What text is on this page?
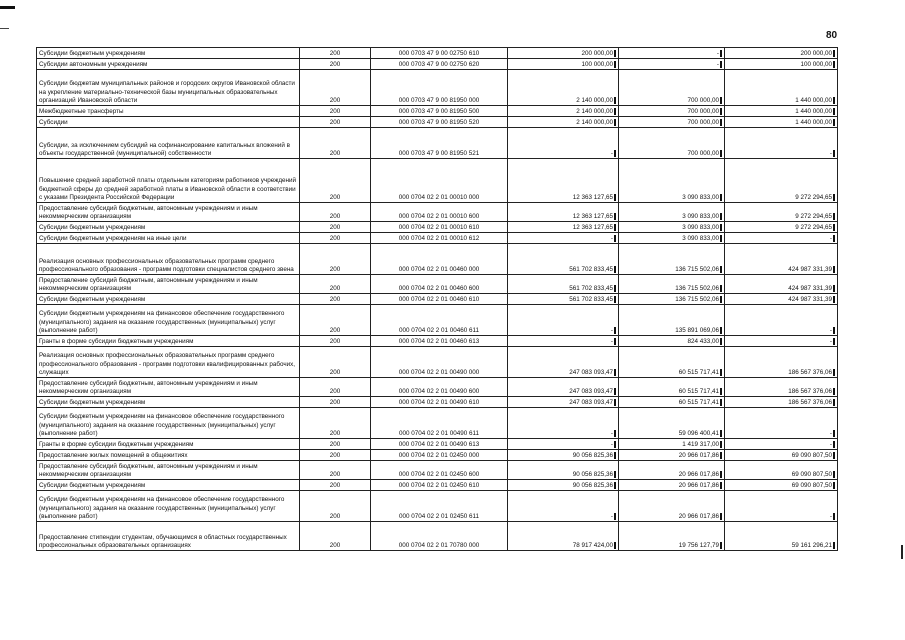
80
Субсидии бюджетным учреждениям	200	000 0703 47 9 00 02750 610	200 000,00	-	200 000,00
Субсидии автономным учреждениям	200	000 0703 47 9 00 02750 620	100 000,00	-	100 000,00
Субсидии бюджетам муниципальных районов и городских округов Ивановской области на укрепление материально-технической базы муниципальных образовательных организаций Ивановской области	200	000 0703 47 9 00 81950 000	2 140 000,00	700 000,00	1 440 000,00
Межбюджетные трансферты	200	000 0703 47 9 00 81950 500	2 140 000,00	700 000,00	1 440 000,00
Субсидии	200	000 0703 47 9 00 81950 520	2 140 000,00	700 000,00	1 440 000,00
Субсидии, за исключением субсидий на софинансирование капитальных вложений в объекты государственной (муниципальной) собственности	200	000 0703 47 9 00 81950 521	-	700 000,00	-
Повышение средней заработной платы отдельным категориям работников учреждений бюджетной сферы до средней заработной платы в Ивановской области в соответствии с указами Президента Российской Федерации	200	000 0704 02 2 01 00010 000	12 363 127,65	3 090 833,00	9 272 294,65
Предоставление субсидий бюджетным, автономным учреждениям и иным некоммерческим организациям	200	000 0704 02 2 01 00010 600	12 363 127,65	3 090 833,00	9 272 294,65
Субсидии бюджетным учреждениям	200	000 0704 02 2 01 00010 610	12 363 127,65	3 090 833,00	9 272 294,65
Субсидии бюджетным учреждениям на иные цели	200	000 0704 02 2 01 00010 612	-	3 090 833,00	-
Реализация основных профессиональных образовательных программ среднего профессионального образования - программ подготовки специалистов среднего звена	200	000 0704 02 2 01 00460 000	561 702 833,45	136 715 502,06	424 987 331,39
Предоставление субсидий бюджетным, автономным учреждениям и иным некоммерческим организациям	200	000 0704 02 2 01 00460 600	561 702 833,45	136 715 502,06	424 987 331,39
Субсидии бюджетным учреждениям	200	000 0704 02 2 01 00460 610	561 702 833,45	136 715 502,06	424 987 331,39
Субсидии бюджетным учреждениям на финансовое обеспечение государственного (муниципального) задания на оказание государственных (муниципальных) услуг (выполнение работ)	200	000 0704 02 2 01 00460 611	-	135 891 069,06	-
Гранты в форме субсидии бюджетным учреждениям	200	000 0704 02 2 01 00460 613	-	824 433,00	-
Реализация основных профессиональных образовательных программ среднего профессионального образования - программ подготовки квалифицированных рабочих, служащих	200	000 0704 02 2 01 00490 000	247 083 093,47	60 515 717,41	186 567 376,06
Предоставление субсидий бюджетным, автономным учреждениям и иным некоммерческим организациям	200	000 0704 02 2 01 00490 600	247 083 093,47	60 515 717,41	186 567 376,06
Субсидии бюджетным учреждениям	200	000 0704 02 2 01 00490 610	247 083 093,47	60 515 717,41	186 567 376,06
Субсидии бюджетным учреждениям на финансовое обеспечение государственного (муниципального) задания на оказание государственных (муниципальных) услуг (выполнение работ)	200	000 0704 02 2 01 00490 611	-	59 096 400,41	-
Гранты в форме субсидии бюджетным учреждениям	200	000 0704 02 2 01 00490 613	-	1 419 317,00	-
Предоставление жилых помещений в общежитиях	200	000 0704 02 2 01 02450 000	90 056 825,36	20 966 017,86	69 090 807,50
Предоставление субсидий бюджетным, автономным учреждениям и иным некоммерческим организациям	200	000 0704 02 2 01 02450 600	90 056 825,36	20 966 017,86	69 090 807,50
Субсидии бюджетным учреждениям	200	000 0704 02 2 01 02450 610	90 056 825,36	20 966 017,86	69 090 807,50
Субсидии бюджетным учреждениям на финансовое обеспечение государственного (муниципального) задания на оказание государственных (муниципальных) услуг (выполнение работ)	200	000 0704 02 2 01 02450 611	-	20 966 017,86	-
Предоставление стипендии студентам, обучающимся в областных государственных профессиональных образовательных организациях	200	000 0704 02 2 01 70780 000	78 917 424,00	19 756 127,79	59 161 296,21
